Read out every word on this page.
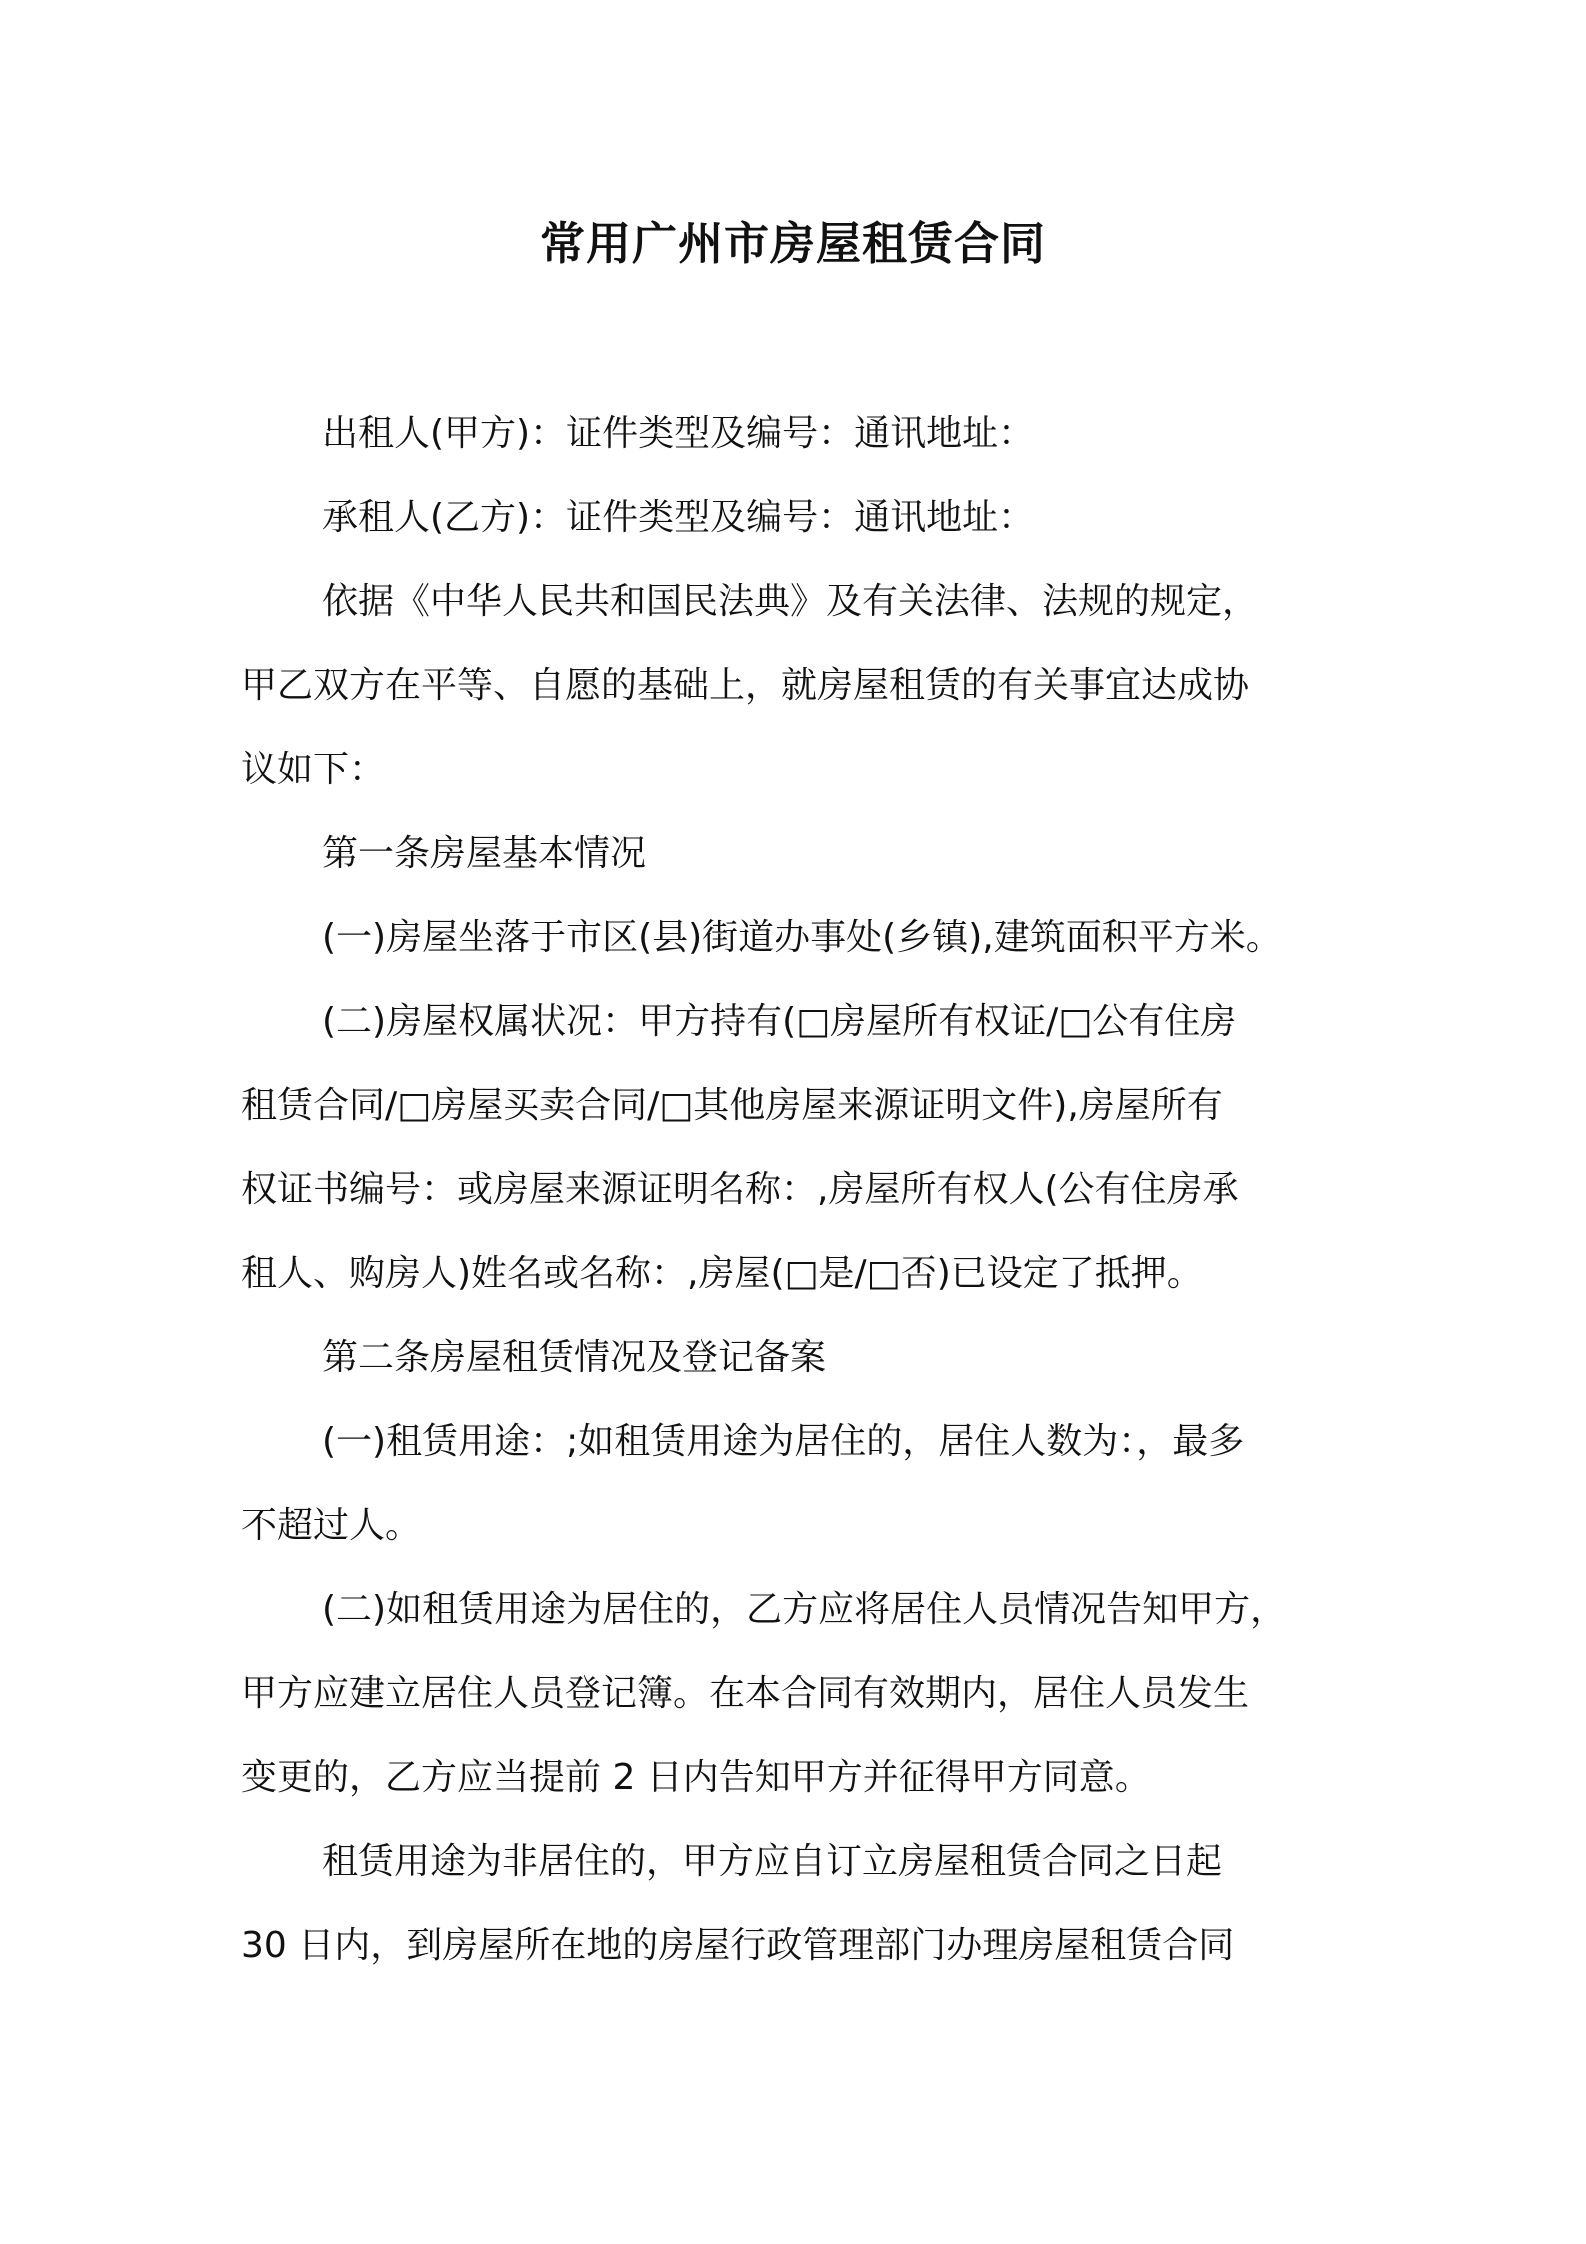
常用广州市房屋租赁合同

出租人(甲方)：证件类型及编号：通讯地址：

承租人(乙方)：证件类型及编号：通讯地址：

依据《中华人民共和国民法典》及有关法律、法规的规定，

甲乙双方在平等、自愿的基础上，就房屋租赁的有关事宜达成协

议如下：

第一条房屋基本情况

(一)房屋坐落于市区(县)街道办事处(乡镇),建筑面积平方米。

(二)房屋权属状况：甲方持有(□房屋所有权证/□公有住房

租赁合同/□房屋买卖合同/□其他房屋来源证明文件),房屋所有

权证书编号：或房屋来源证明名称：,房屋所有权人(公有住房承

租人、购房人)姓名或名称：,房屋(□是/□否)已设定了抵押。

第二条房屋租赁情况及登记备案

(一)租赁用途：;如租赁用途为居住的，居住人数为：，最多

不超过人。

(二)如租赁用途为居住的，乙方应将居住人员情况告知甲方，

甲方应建立居住人员登记簿。在本合同有效期内，居住人员发生

变更的，乙方应当提前 2 日内告知甲方并征得甲方同意。

租赁用途为非居住的，甲方应自订立房屋租赁合同之日起

30 日内，到房屋所在地的房屋行政管理部门办理房屋租赁合同
